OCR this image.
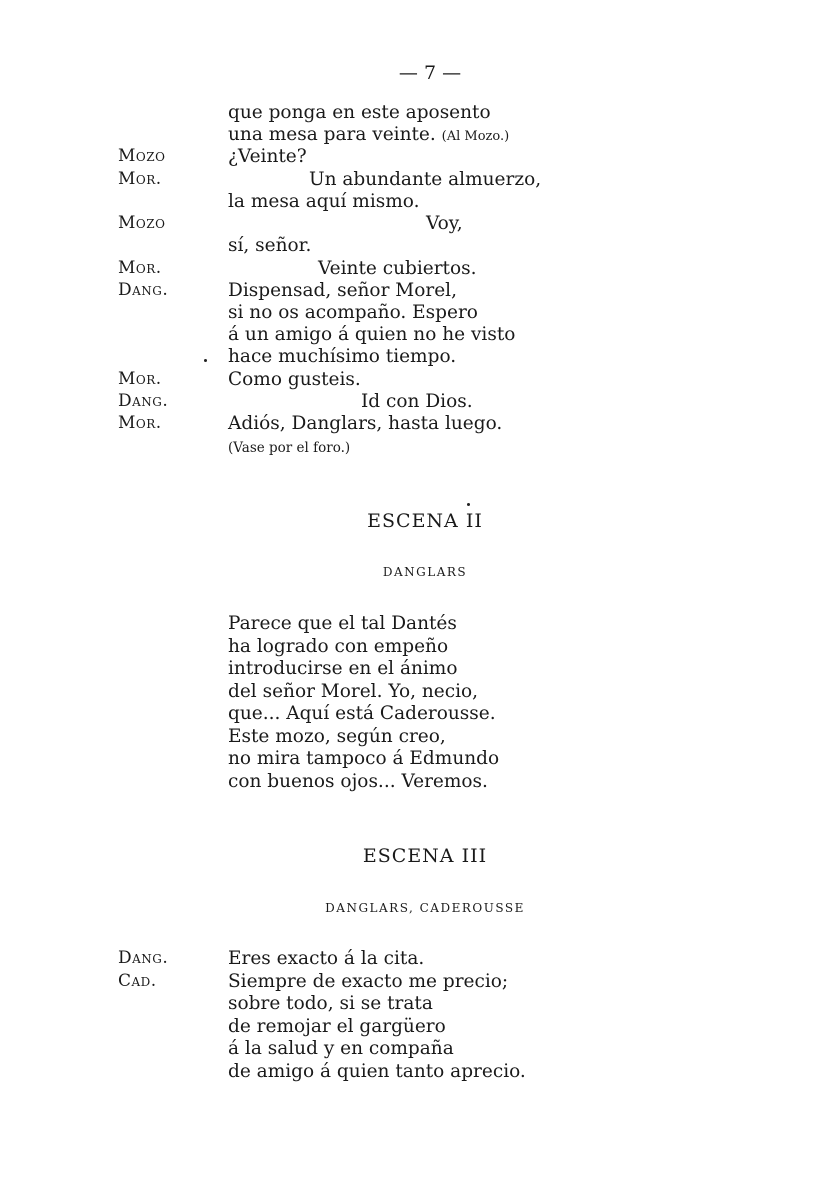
— 7 —
que ponga en este aposento
una mesa para veinte. (Al Mozo.)
Mozo	¿Veinte?
Mor.	Un abundante almuerzo,
la mesa aquí mismo.
Mozo	Voy,
sí, señor.
Mor.	Veinte cubiertos.
Dang.	Dispensad, señor Morel,
si no os acompaño. Espero
á un amigo á quien no he visto
hace muchísimo tiempo.
Mor.	Como gusteis.
Dang.	Id con Dios.
Mor.	Adiós, Danglars, hasta luego.
(Vase por el foro.)
ESCENA II
DANGLARS
Parece que el tal Dantés
ha logrado con empeño
introducirse en el ánimo
del señor Morel. Yo, necio,
que... Aquí está Caderousse.
Este mozo, según creo,
no mira tampoco á Edmundo
con buenos ojos... Veremos.
ESCENA III
DANGLARS, CADEROUSSE
Dang.	Eres exacto á la cita.
Cad.	Siempre de exacto me precio;
sobre todo, si se trata
de remojar el gargüero
á la salud y en compaña
de amigo á quien tanto aprecio.
